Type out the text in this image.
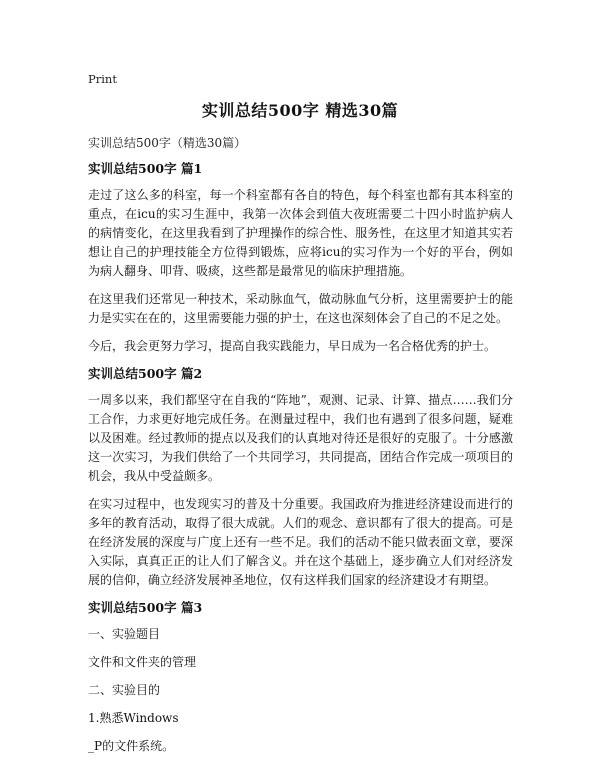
Print
实训总结500字 精选30篇
实训总结500字（精选30篇）
实训总结500字 篇1
走过了这么多的科室，每一个科室都有各自的特色，每个科室也都有其本科室的重点，在icu的实习生涯中，我第一次体会到值大夜班需要二十四小时监护病人的病情变化，在这里我看到了护理操作的综合性、服务性，在这里才知道其实若想让自己的护理技能全方位得到锻炼，应将icu的实习作为一个好的平台，例如为病人翻身、叩背、吸痰，这些都是最常见的临床护理措施。
在这里我们还常见一种技术，采动脉血气，做动脉血气分析，这里需要护士的能力是实实在在的，这里需要能力强的护士，在这也深刻体会了自己的不足之处。
今后，我会更努力学习，提高自我实践能力，早日成为一名合格优秀的护士。
实训总结500字 篇2
一周多以来，我们都坚守在自我的“阵地”，观测、记录、计算、描点……我们分工合作，力求更好地完成任务。在测量过程中，我们也有遇到了很多问题，疑难以及困难。经过教师的提点以及我们的认真地对待还是很好的克服了。十分感激这一次实习，为我们供给了一个共同学习，共同提高，团结合作完成一项项目的机会，我从中受益颇多。
在实习过程中，也发现实习的普及十分重要。我国政府为推进经济建设而进行的多年的教育活动，取得了很大成就。人们的观念、意识都有了很大的提高。可是在经济发展的深度与广度上还有一些不足。我们的活动不能只做表面文章，要深入实际，真真正正的让人们了解含义。并在这个基础上，逐步确立人们对经济发展的信仰，确立经济发展神圣地位，仅有这样我们国家的经济建设才有期望。
实训总结500字 篇3
一、实验题目
文件和文件夹的管理
二、实验目的
1.熟悉Windows
_P的文件系统。
